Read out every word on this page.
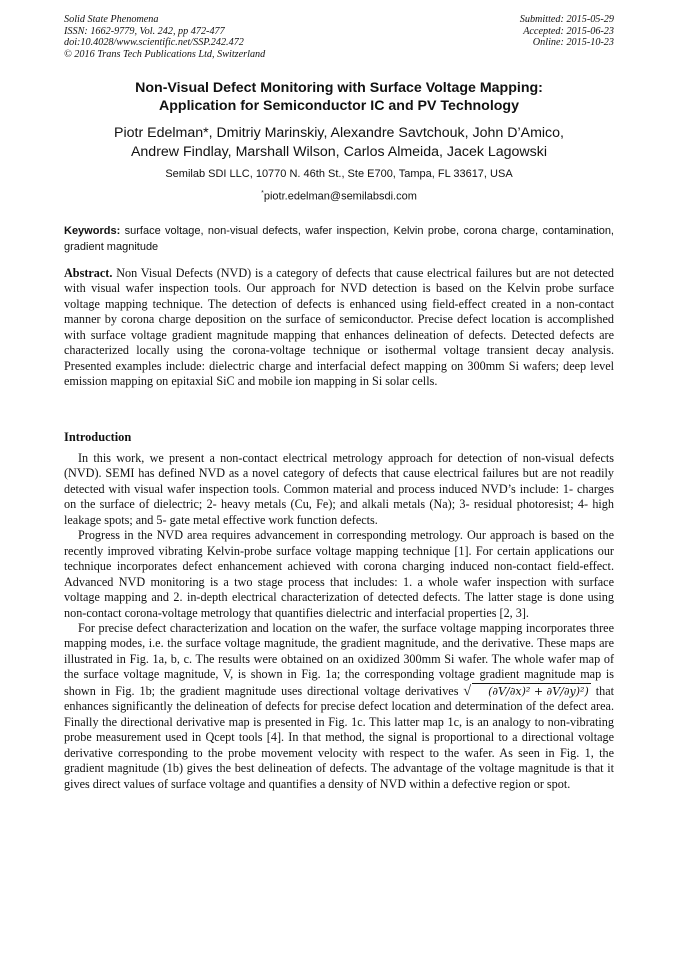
Solid State Phenomena
ISSN: 1662-9779, Vol. 242, pp 472-477
doi:10.4028/www.scientific.net/SSP.242.472
© 2016 Trans Tech Publications Ltd, Switzerland
Submitted: 2015-05-29
Accepted: 2015-06-23
Online: 2015-10-23
Non-Visual Defect Monitoring with Surface Voltage Mapping:
Application for Semiconductor IC and PV Technology
Piotr Edelman*, Dmitriy Marinskiy, Alexandre Savtchouk, John D’Amico,
Andrew Findlay, Marshall Wilson, Carlos Almeida, Jacek Lagowski
Semilab SDI LLC, 10770 N. 46th St., Ste E700, Tampa, FL 33617, USA
*piotr.edelman@semilabsdi.com
Keywords: surface voltage, non-visual defects, wafer inspection, Kelvin probe, corona charge, contamination, gradient magnitude
Abstract. Non Visual Defects (NVD) is a category of defects that cause electrical failures but are not detected with visual wafer inspection tools. Our approach for NVD detection is based on the Kelvin probe surface voltage mapping technique. The detection of defects is enhanced using field-effect created in a non-contact manner by corona charge deposition on the surface of semiconductor. Precise defect location is accomplished with surface voltage gradient magnitude mapping that enhances delineation of defects. Detected defects are characterized locally using the corona-voltage technique or isothermal voltage transient decay analysis. Presented examples include: dielectric charge and interfacial defect mapping on 300mm Si wafers; deep level emission mapping on epitaxial SiC and mobile ion mapping in Si solar cells.
Introduction

In this work, we present a non-contact electrical metrology approach for detection of non-visual defects (NVD). SEMI has defined NVD as a novel category of defects that cause electrical failures but are not readily detected with visual wafer inspection tools. Common material and process induced NVD’s include: 1- charges on the surface of dielectric; 2- heavy metals (Cu, Fe); and alkali metals (Na); 3- residual photoresist; 4- high leakage spots; and 5- gate metal effective work function defects.

Progress in the NVD area requires advancement in corresponding metrology. Our approach is based on the recently improved vibrating Kelvin-probe surface voltage mapping technique [1]. For certain applications our technique incorporates defect enhancement achieved with corona charging induced non-contact field-effect. Advanced NVD monitoring is a two stage process that includes: 1. a whole wafer inspection with surface voltage mapping and 2. in-depth electrical characterization of detected defects. The latter stage is done using non-contact corona-voltage metrology that quantifies dielectric and interfacial properties [2, 3].

For precise defect characterization and location on the wafer, the surface voltage mapping incorporates three mapping modes, i.e. the surface voltage magnitude, the gradient magnitude, and the derivative. These maps are illustrated in Fig. 1a, b, c. The results were obtained on an oxidized 300mm Si wafer. The whole wafer map of the surface voltage magnitude, V, is shown in Fig. 1a; the corresponding voltage gradient magnitude map is shown in Fig. 1b; the gradient magnitude uses directional voltage derivatives √ (∂V/∂x)² + ∂V/∂y)²) that enhances significantly the delineation of defects for precise defect location and determination of the defect area. Finally the directional derivative map is presented in Fig. 1c. This latter map 1c, is an analogy to non-vibrating probe measurement used in Qcept tools [4]. In that method, the signal is proportional to a directional voltage derivative corresponding to the probe movement velocity with respect to the wafer. As seen in Fig. 1, the gradient magnitude (1b) gives the best delineation of defects. The advantage of the voltage magnitude is that it gives direct values of surface voltage and quantifies a density of NVD within a defective region or spot.
